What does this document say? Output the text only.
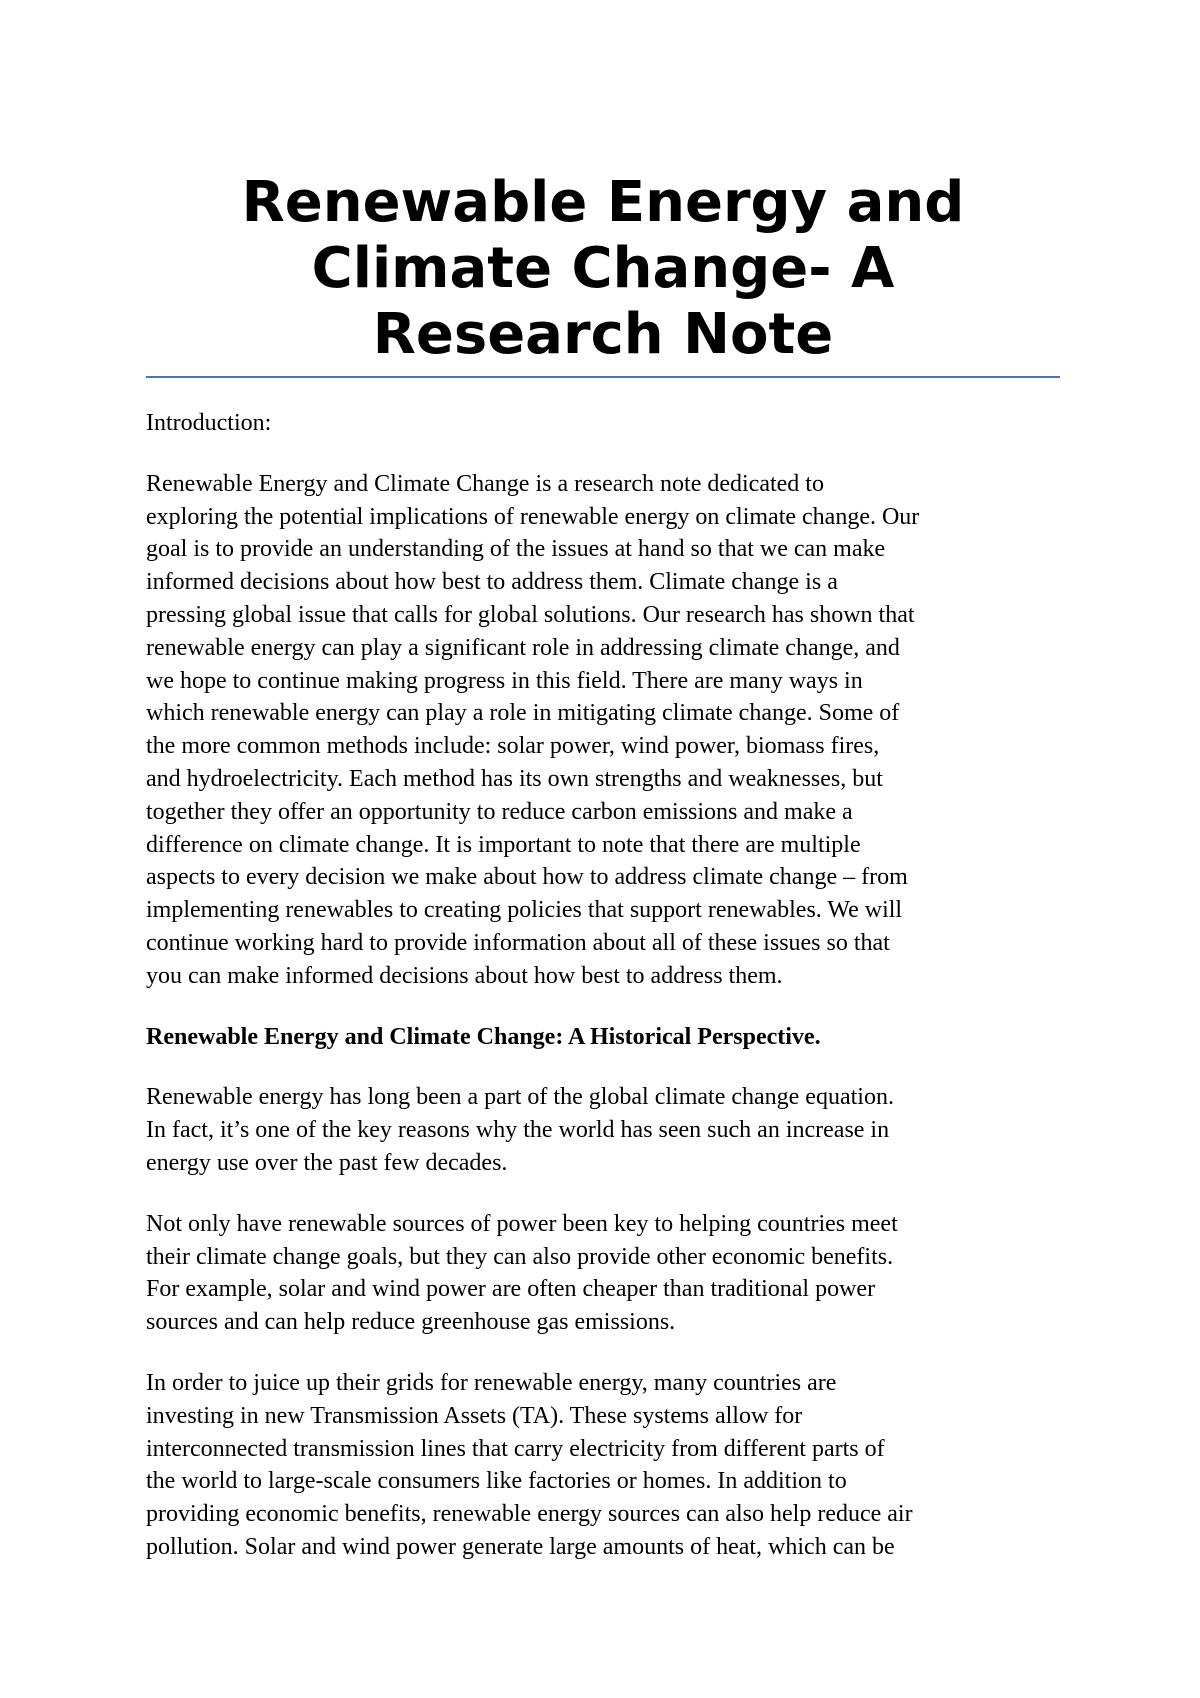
Renewable Energy and
Climate Change- A
Research Note

Introduction:

Renewable Energy and Climate Change is a research note dedicated to
exploring the potential implications of renewable energy on climate change. Our
goal is to provide an understanding of the issues at hand so that we can make
informed decisions about how best to address them. Climate change is a
pressing global issue that calls for global solutions. Our research has shown that
renewable energy can play a significant role in addressing climate change, and
we hope to continue making progress in this field. There are many ways in
which renewable energy can play a role in mitigating climate change. Some of
the more common methods include: solar power, wind power, biomass fires,
and hydroelectricity. Each method has its own strengths and weaknesses, but
together they offer an opportunity to reduce carbon emissions and make a
difference on climate change. It is important to note that there are multiple
aspects to every decision we make about how to address climate change – from
implementing renewables to creating policies that support renewables. We will
continue working hard to provide information about all of these issues so that
you can make informed decisions about how best to address them.

Renewable Energy and Climate Change: A Historical Perspective.

Renewable energy has long been a part of the global climate change equation.
In fact, it’s one of the key reasons why the world has seen such an increase in
energy use over the past few decades.

Not only have renewable sources of power been key to helping countries meet
their climate change goals, but they can also provide other economic benefits.
For example, solar and wind power are often cheaper than traditional power
sources and can help reduce greenhouse gas emissions.

In order to juice up their grids for renewable energy, many countries are
investing in new Transmission Assets (TA). These systems allow for
interconnected transmission lines that carry electricity from different parts of
the world to large-scale consumers like factories or homes. In addition to
providing economic benefits, renewable energy sources can also help reduce air
pollution. Solar and wind power generate large amounts of heat, which can be
